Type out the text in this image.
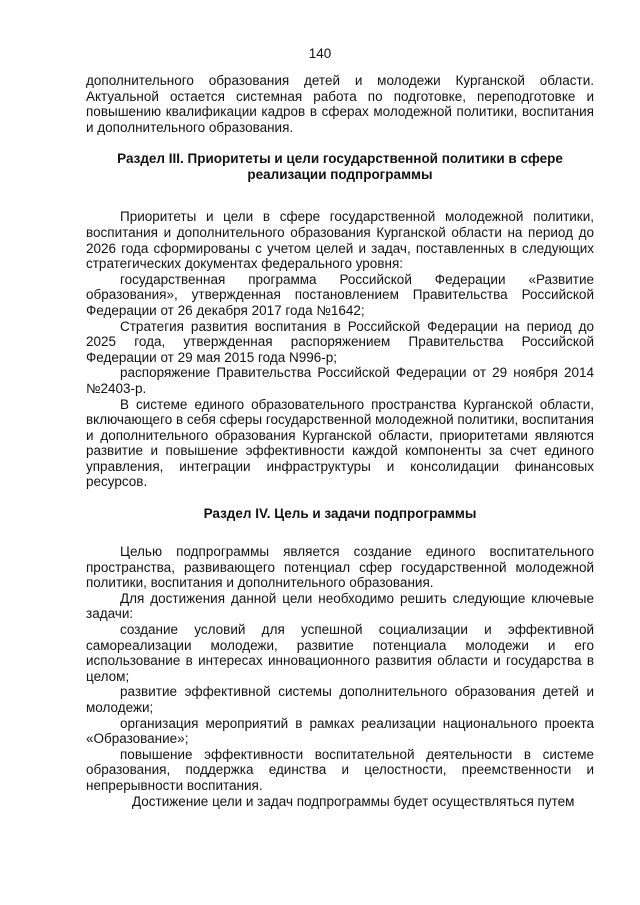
140

дополнительного образования детей и молодежи Курганской области. Актуальной остается системная работа по подготовке, переподготовке и повышению квалификации кадров в сферах молодежной политики, воспитания и дополнительного образования.

Раздел III. Приоритеты и цели государственной политики в сфере реализации подпрограммы

Приоритеты и цели в сфере государственной молодежной политики, воспитания и дополнительного образования Курганской области на период до 2026 года сформированы с учетом целей и задач, поставленных в следующих стратегических документах федерального уровня:

государственная программа Российской Федерации «Развитие образования», утвержденная постановлением Правительства Российской Федерации от 26 декабря 2017 года №1642;

Стратегия развития воспитания в Российской Федерации на период до 2025 года, утвержденная распоряжением Правительства Российской Федерации от 29 мая 2015 года N996-р;

распоряжение Правительства Российской Федерации от 29 ноября 2014 №2403-р.

В системе единого образовательного пространства Курганской области, включающего в себя сферы государственной молодежной политики, воспитания и дополнительного образования Курганской области, приоритетами являются развитие и повышение эффективности каждой компоненты за счет единого управления, интеграции инфраструктуры и консолидации финансовых ресурсов.

Раздел IV. Цель и задачи подпрограммы

Целью подпрограммы является создание единого воспитательного пространства, развивающего потенциал сфер государственной молодежной политики, воспитания и дополнительного образования.

Для достижения данной цели необходимо решить следующие ключевые задачи:

создание условий для успешной социализации и эффективной самореализации молодежи, развитие потенциала молодежи и его использование в интересах инновационного развития области и государства в целом;

развитие эффективной системы дополнительного образования детей и молодежи;

организация мероприятий в рамках реализации национального проекта «Образование»;

повышение эффективности воспитательной деятельности в системе образования, поддержка единства и целостности, преемственности и непрерывности воспитания.

Достижение цели и задач подпрограммы будет осуществляться путем
